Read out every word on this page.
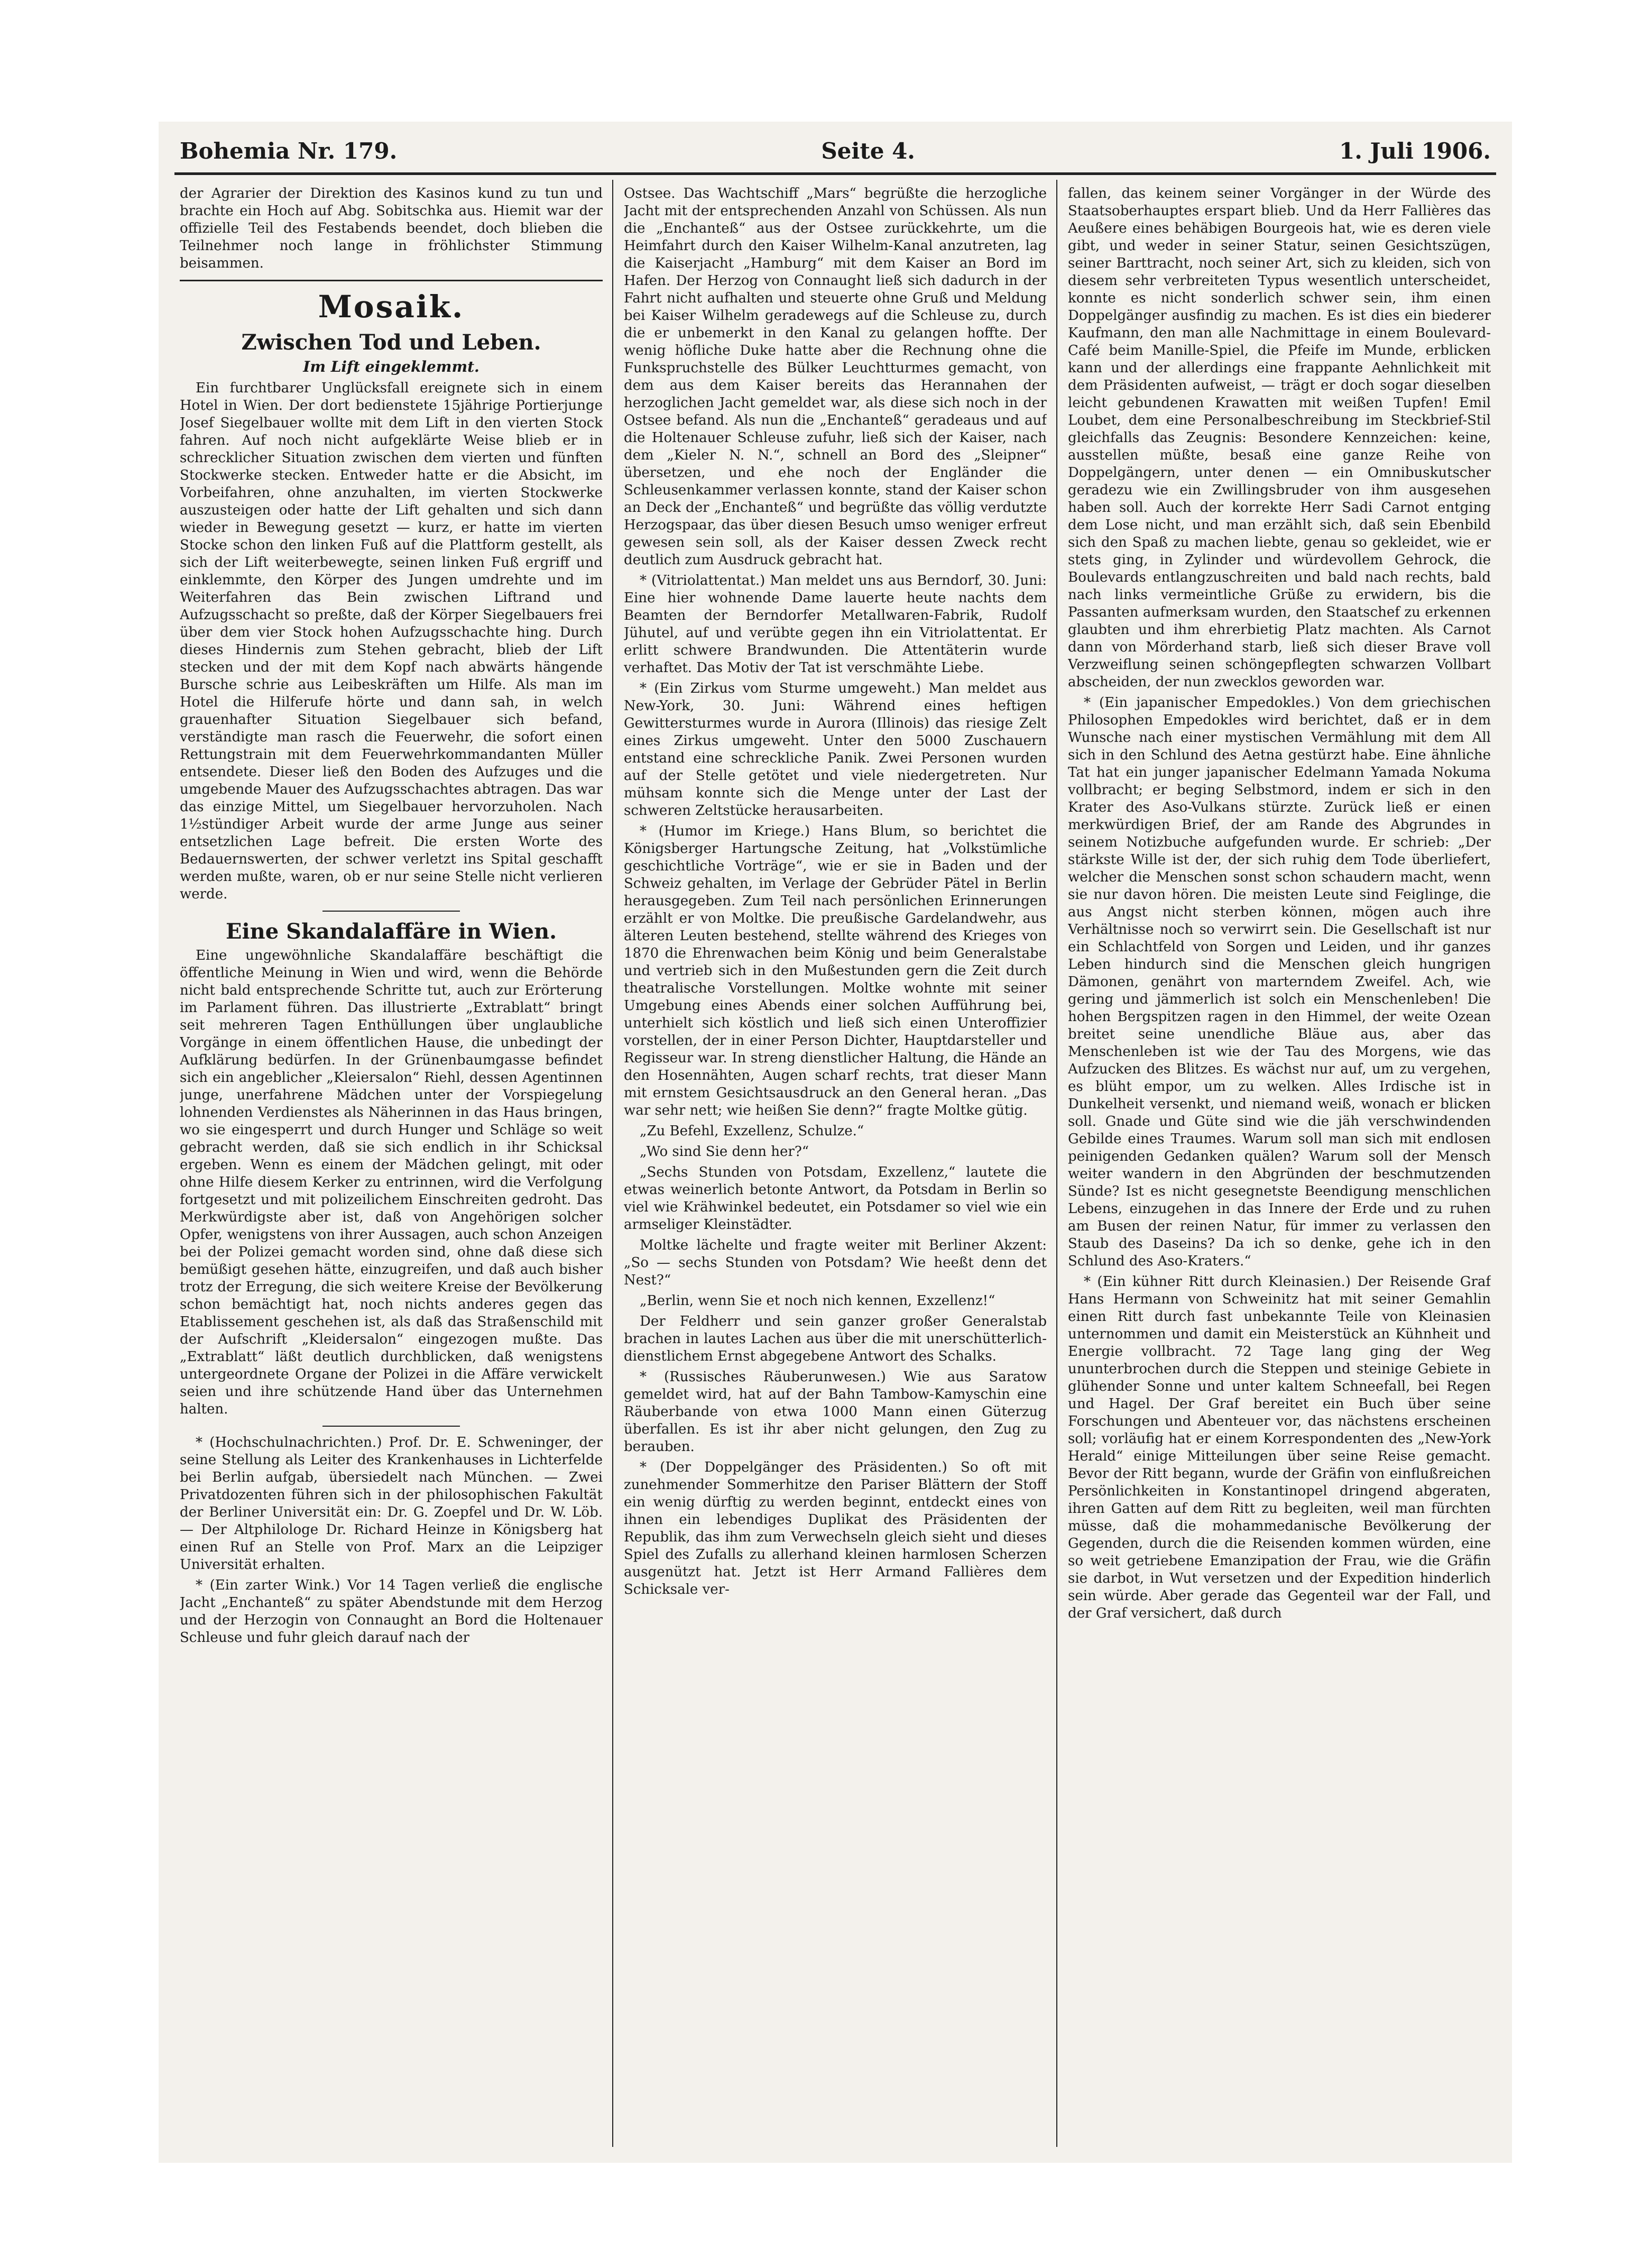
Bohemia Nr. 179.	Seite 4.	1. Juli 1906.

der Agrarier der Direktion des Kasinos kund zu tun und brachte ein Hoch auf Abg. Sobitschka aus. Hiemit war der offizielle Teil des Festabends beendet, doch blieben die Teilnehmer noch lange in fröhlichster Stimmung beisammen.

Mosaik.
Zwischen Tod und Leben.
Im Lift eingeklemmt.

Ein furchtbarer Unglücksfall ereignete sich in einem Hotel in Wien. Der dort bedienstete 15jährige Portierjunge Josef Siegelbauer wollte mit dem Lift in den vierten Stock fahren. Auf noch nicht aufgeklärte Weise blieb er in schrecklicher Situation zwischen dem vierten und fünften Stockwerke stecken. Entweder hatte er die Absicht, im Vorbeifahren, ohne anzuhalten, im vierten Stockwerke auszusteigen oder hatte der Lift gehalten und sich dann wieder in Bewegung gesetzt — kurz, er hatte im vierten Stocke schon den linken Fuß auf die Plattform gestellt, als sich der Lift weiterbewegte, seinen linken Fuß ergriff und einklemmte, den Körper des Jungen umdrehte und im Weiterfahren das Bein zwischen Liftrand und Aufzugsschacht so preßte, daß der Körper Siegelbauers frei über dem vier Stock hohen Aufzugsschachte hing. Durch dieses Hindernis zum Stehen gebracht, blieb der Lift stecken und der mit dem Kopf nach abwärts hängende Bursche schrie aus Leibeskräften um Hilfe. Als man im Hotel die Hilferufe hörte und dann sah, in welch grauenhafter Situation Siegelbauer sich befand, verständigte man rasch die Feuerwehr, die sofort einen Rettungstrain mit dem Feuerwehrkommandanten Müller entsendete. Dieser ließ den Boden des Aufzuges und die umgebende Mauer des Aufzugsschachtes abtragen. Das war das einzige Mittel, um Siegelbauer hervorzuholen. Nach 1½stündiger Arbeit wurde der arme Junge aus seiner entsetzlichen Lage befreit. Die ersten Worte des Bedauernswerten, der schwer verletzt ins Spital geschafft werden mußte, waren, ob er nur seine Stelle nicht verlieren werde.

Eine Skandalaffäre in Wien.

Eine ungewöhnliche Skandalaffäre beschäftigt die öffentliche Meinung in Wien und wird, wenn die Behörde nicht bald entsprechende Schritte tut, auch zur Erörterung im Parlament führen. Das illustrierte „Extrablatt“ bringt seit mehreren Tagen Enthüllungen über unglaubliche Vorgänge in einem öffentlichen Hause, die unbedingt der Aufklärung bedürfen. In der Grünenbaumgasse befindet sich ein angeblicher „Kleiersalon“ Riehl, dessen Agentinnen junge, unerfahrene Mädchen unter der Vorspiegelung lohnenden Verdienstes als Näherinnen in das Haus bringen, wo sie eingesperrt und durch Hunger und Schläge so weit gebracht werden, daß sie sich endlich in ihr Schicksal ergeben. Wenn es einem der Mädchen gelingt, mit oder ohne Hilfe diesem Kerker zu entrinnen, wird die Verfolgung fortgesetzt und mit polizeilichem Einschreiten gedroht. Das Merkwürdigste aber ist, daß von Angehörigen solcher Opfer, wenigstens von ihrer Aussagen, auch schon Anzeigen bei der Polizei gemacht worden sind, ohne daß diese sich bemüßigt gesehen hätte, einzugreifen, und daß auch bisher trotz der Erregung, die sich weitere Kreise der Bevölkerung schon bemächtigt hat, noch nichts anderes gegen das Etablissement geschehen ist, als daß das Straßenschild mit der Aufschrift „Kleidersalon“ eingezogen mußte. Das „Extrablatt“ läßt deutlich durchblicken, daß wenigstens untergeordnete Organe der Polizei in die Affäre verwickelt seien und ihre schützende Hand über das Unternehmen halten.

* (Hochschulnachrichten.) Prof. Dr. E. Schweninger, der seine Stellung als Leiter des Krankenhauses in Lichterfelde bei Berlin aufgab, übersiedelt nach München. — Zwei Privatdozenten führen sich in der philosophischen Fakultät der Berliner Universität ein: Dr. G. Zoepfel und Dr. W. Löb. — Der Altphilologe Dr. Richard Heinze in Königsberg hat einen Ruf an Stelle von Prof. Marx an die Leipziger Universität erhalten.

* (Ein zarter Wink.) Vor 14 Tagen verließ die englische Jacht „Enchanteß“ zu später Abendstunde mit dem Herzog und der Herzogin von Connaught an Bord die Holtenauer Schleuse und fuhr gleich darauf nach der

Ostsee. Das Wachtschiff „Mars“ begrüßte die herzogliche Jacht mit der entsprechenden Anzahl von Schüssen. Als nun die „Enchanteß“ aus der Ostsee zurückkehrte, um die Heimfahrt durch den Kaiser Wilhelm-Kanal anzutreten, lag die Kaiserjacht „Hamburg“ mit dem Kaiser an Bord im Hafen. Der Herzog von Connaught ließ sich dadurch in der Fahrt nicht aufhalten und steuerte ohne Gruß und Meldung bei Kaiser Wilhelm geradewegs auf die Schleuse zu, durch die er unbemerkt in den Kanal zu gelangen hoffte. Der wenig höfliche Duke hatte aber die Rechnung ohne die Funkspruchstelle des Bülker Leuchtturmes gemacht, von dem aus dem Kaiser bereits das Herannahen der herzoglichen Jacht gemeldet war, als diese sich noch in der Ostsee befand. Als nun die „Enchanteß“ geradeaus und auf die Holtenauer Schleuse zufuhr, ließ sich der Kaiser, nach dem „Kieler N. N.“, schnell an Bord des „Sleipner“ übersetzen, und ehe noch der Engländer die Schleusenkammer verlassen konnte, stand der Kaiser schon an Deck der „Enchanteß“ und begrüßte das völlig verdutzte Herzogspaar, das über diesen Besuch umso weniger erfreut gewesen sein soll, als der Kaiser dessen Zweck recht deutlich zum Ausdruck gebracht hat.

* (Vitriolattentat.) Man meldet uns aus Berndorf, 30. Juni: Eine hier wohnende Dame lauerte heute nachts dem Beamten der Berndorfer Metallwaren-Fabrik, Rudolf Jühutel, auf und verübte gegen ihn ein Vitriolattentat. Er erlitt schwere Brandwunden. Die Attentäterin wurde verhaftet. Das Motiv der Tat ist verschmähte Liebe.

* (Ein Zirkus vom Sturme umgeweht.) Man meldet aus New-York, 30. Juni: Während eines heftigen Gewittersturmes wurde in Aurora (Illinois) das riesige Zelt eines Zirkus umgeweht. Unter den 5000 Zuschauern entstand eine schreckliche Panik. Zwei Personen wurden auf der Stelle getötet und viele niedergetreten. Nur mühsam konnte sich die Menge unter der Last der schweren Zeltstücke herausarbeiten.

* (Humor im Kriege.) Hans Blum, so berichtet die Königsberger Hartungsche Zeitung, hat „Volkstümliche geschichtliche Vorträge“, wie er sie in Baden und der Schweiz gehalten, im Verlage der Gebrüder Pätel in Berlin herausgegeben. Zum Teil nach persönlichen Erinnerungen erzählt er von Moltke. Die preußische Gardelandwehr, aus älteren Leuten bestehend, stellte während des Krieges von 1870 die Ehrenwachen beim König und beim Generalstabe und vertrieb sich in den Mußestunden gern die Zeit durch theatralische Vorstellungen. Moltke wohnte mit seiner Umgebung eines Abends einer solchen Aufführung bei, unterhielt sich köstlich und ließ sich einen Unteroffizier vorstellen, der in einer Person Dichter, Hauptdarsteller und Regisseur war. In streng dienstlicher Haltung, die Hände an den Hosennähten, Augen scharf rechts, trat dieser Mann mit ernstem Gesichtsausdruck an den General heran. „Das war sehr nett; wie heißen Sie denn?“ fragte Moltke gütig.

„Zu Befehl, Exzellenz, Schulze.“

„Wo sind Sie denn her?“

„Sechs Stunden von Potsdam, Exzellenz,“ lautete die etwas weinerlich betonte Antwort, da Potsdam in Berlin so viel wie Krähwinkel bedeutet, ein Potsdamer so viel wie ein armseliger Kleinstädter.

Moltke lächelte und fragte weiter mit Berliner Akzent: „So — sechs Stunden von Potsdam? Wie heeßt denn det Nest?“

„Berlin, wenn Sie et noch nich kennen, Exzellenz!“

Der Feldherr und sein ganzer großer Generalstab brachen in lautes Lachen aus über die mit unerschütterlich-dienstlichem Ernst abgegebene Antwort des Schalks.

* (Russisches Räuberunwesen.) Wie aus Saratow gemeldet wird, hat auf der Bahn Tambow-Kamyschin eine Räuberbande von etwa 1000 Mann einen Güterzug überfallen. Es ist ihr aber nicht gelungen, den Zug zu berauben.

* (Der Doppelgänger des Präsidenten.) So oft mit zunehmender Sommerhitze den Pariser Blättern der Stoff ein wenig dürftig zu werden beginnt, entdeckt eines von ihnen ein lebendiges Duplikat des Präsidenten der Republik, das ihm zum Verwechseln gleich sieht und dieses Spiel des Zufalls zu allerhand kleinen harmlosen Scherzen ausgenützt hat. Jetzt ist Herr Armand Fallières dem Schicksale ver-

fallen, das keinem seiner Vorgänger in der Würde des Staatsoberhauptes erspart blieb. Und da Herr Fallières das Aeußere eines behäbigen Bourgeois hat, wie es deren viele gibt, und weder in seiner Statur, seinen Gesichtszügen, seiner Barttracht, noch seiner Art, sich zu kleiden, sich von diesem sehr verbreiteten Typus wesentlich unterscheidet, konnte es nicht sonderlich schwer sein, ihm einen Doppelgänger ausfindig zu machen. Es ist dies ein biederer Kaufmann, den man alle Nachmittage in einem Boulevard-Café beim Manille-Spiel, die Pfeife im Munde, erblicken kann und der allerdings eine frappante Aehnlichkeit mit dem Präsidenten aufweist, — trägt er doch sogar dieselben leicht gebundenen Krawatten mit weißen Tupfen! Emil Loubet, dem eine Personalbeschreibung im Steckbrief-Stil gleichfalls das Zeugnis: Besondere Kennzeichen: keine, ausstellen müßte, besaß eine ganze Reihe von Doppelgängern, unter denen — ein Omnibuskutscher geradezu wie ein Zwillingsbruder von ihm ausgesehen haben soll. Auch der korrekte Herr Sadi Carnot entging dem Lose nicht, und man erzählt sich, daß sein Ebenbild sich den Spaß zu machen liebte, genau so gekleidet, wie er stets ging, in Zylinder und würdevollem Gehrock, die Boulevards entlangzuschreiten und bald nach rechts, bald nach links vermeintliche Grüße zu erwidern, bis die Passanten aufmerksam wurden, den Staatschef zu erkennen glaubten und ihm ehrerbietig Platz machten. Als Carnot dann von Mörderhand starb, ließ sich dieser Brave voll Verzweiflung seinen schöngepflegten schwarzen Vollbart abscheiden, der nun zwecklos geworden war.

* (Ein japanischer Empedokles.) Von dem griechischen Philosophen Empedokles wird berichtet, daß er in dem Wunsche nach einer mystischen Vermählung mit dem All sich in den Schlund des Aetna gestürzt habe. Eine ähnliche Tat hat ein junger japanischer Edelmann Yamada Nokuma vollbracht; er beging Selbstmord, indem er sich in den Krater des Aso-Vulkans stürzte. Zurück ließ er einen merkwürdigen Brief, der am Rande des Abgrundes in seinem Notizbuche aufgefunden wurde. Er schrieb: „Der stärkste Wille ist der, der sich ruhig dem Tode überliefert, welcher die Menschen sonst schon schaudern macht, wenn sie nur davon hören. Die meisten Leute sind Feiglinge, die aus Angst nicht sterben können, mögen auch ihre Verhältnisse noch so verwirrt sein. Die Gesellschaft ist nur ein Schlachtfeld von Sorgen und Leiden, und ihr ganzes Leben hindurch sind die Menschen gleich hungrigen Dämonen, genährt von marterndem Zweifel. Ach, wie gering und jämmerlich ist solch ein Menschenleben! Die hohen Bergspitzen ragen in den Himmel, der weite Ozean breitet seine unendliche Bläue aus, aber das Menschenleben ist wie der Tau des Morgens, wie das Aufzucken des Blitzes. Es wächst nur auf, um zu vergehen, es blüht empor, um zu welken. Alles Irdische ist in Dunkelheit versenkt, und niemand weiß, wonach er blicken soll. Gnade und Güte sind wie die jäh verschwindenden Gebilde eines Traumes. Warum soll man sich mit endlosen peinigenden Gedanken quälen? Warum soll der Mensch weiter wandern in den Abgründen der beschmutzenden Sünde? Ist es nicht gesegnetste Beendigung menschlichen Lebens, einzugehen in das Innere der Erde und zu ruhen am Busen der reinen Natur, für immer zu verlassen den Staub des Daseins? Da ich so denke, gehe ich in den Schlund des Aso-Kraters.“

* (Ein kühner Ritt durch Kleinasien.) Der Reisende Graf Hans Hermann von Schweinitz hat mit seiner Gemahlin einen Ritt durch fast unbekannte Teile von Kleinasien unternommen und damit ein Meisterstück an Kühnheit und Energie vollbracht. 72 Tage lang ging der Weg ununterbrochen durch die Steppen und steinige Gebiete in glühender Sonne und unter kaltem Schneefall, bei Regen und Hagel. Der Graf bereitet ein Buch über seine Forschungen und Abenteuer vor, das nächstens erscheinen soll; vorläufig hat er einem Korrespondenten des „New-York Herald“ einige Mitteilungen über seine Reise gemacht. Bevor der Ritt begann, wurde der Gräfin von einflußreichen Persönlichkeiten in Konstantinopel dringend abgeraten, ihren Gatten auf dem Ritt zu begleiten, weil man fürchten müsse, daß die mohammedanische Bevölkerung der Gegenden, durch die die Reisenden kommen würden, eine so weit getriebene Emanzipation der Frau, wie die Gräfin sie darbot, in Wut versetzen und der Expedition hinderlich sein würde. Aber gerade das Gegenteil war der Fall, und der Graf versichert, daß durch
